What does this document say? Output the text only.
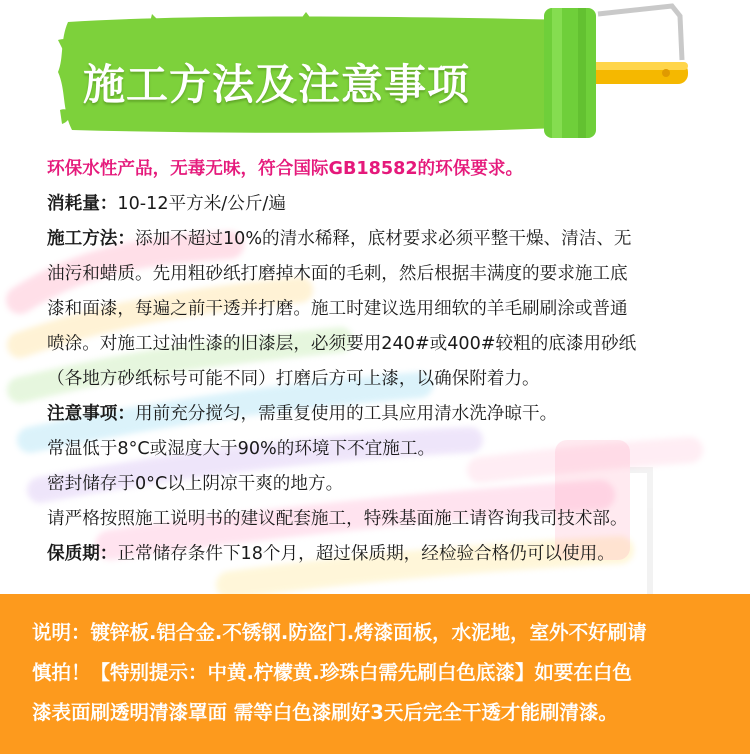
施工方法及注意事项
环保水性产品，无毒无味，符合国际GB18582的环保要求。
消耗量：10-12平方米/公斤/遍
施工方法：添加不超过10%的清水稀释，底材要求必须平整干燥、清洁、无
油污和蜡质。先用粗砂纸打磨掉木面的毛刺，然后根据丰满度的要求施工底
漆和面漆，每遍之前干透并打磨。施工时建议选用细软的羊毛刷刷涂或普通
喷涂。对施工过油性漆的旧漆层，必须要用240#或400#较粗的底漆用砂纸
（各地方砂纸标号可能不同）打磨后方可上漆，以确保附着力。
注意事项：用前充分搅匀，需重复使用的工具应用清水洗净晾干。
常温低于8°C或湿度大于90%的环境下不宜施工。
密封储存于0°C以上阴凉干爽的地方。
请严格按照施工说明书的建议配套施工，特殊基面施工请咨询我司技术部。
保质期：正常储存条件下18个月，超过保质期，经检验合格仍可以使用。
说明：镀锌板.铝合金.不锈钢.防盗门.烤漆面板，水泥地，室外不好刷请
慎拍！【特别提示：中黄.柠檬黄.珍珠白需先刷白色底漆】如要在白色
漆表面刷透明清漆罩面 需等白色漆刷好3天后完全干透才能刷清漆。
